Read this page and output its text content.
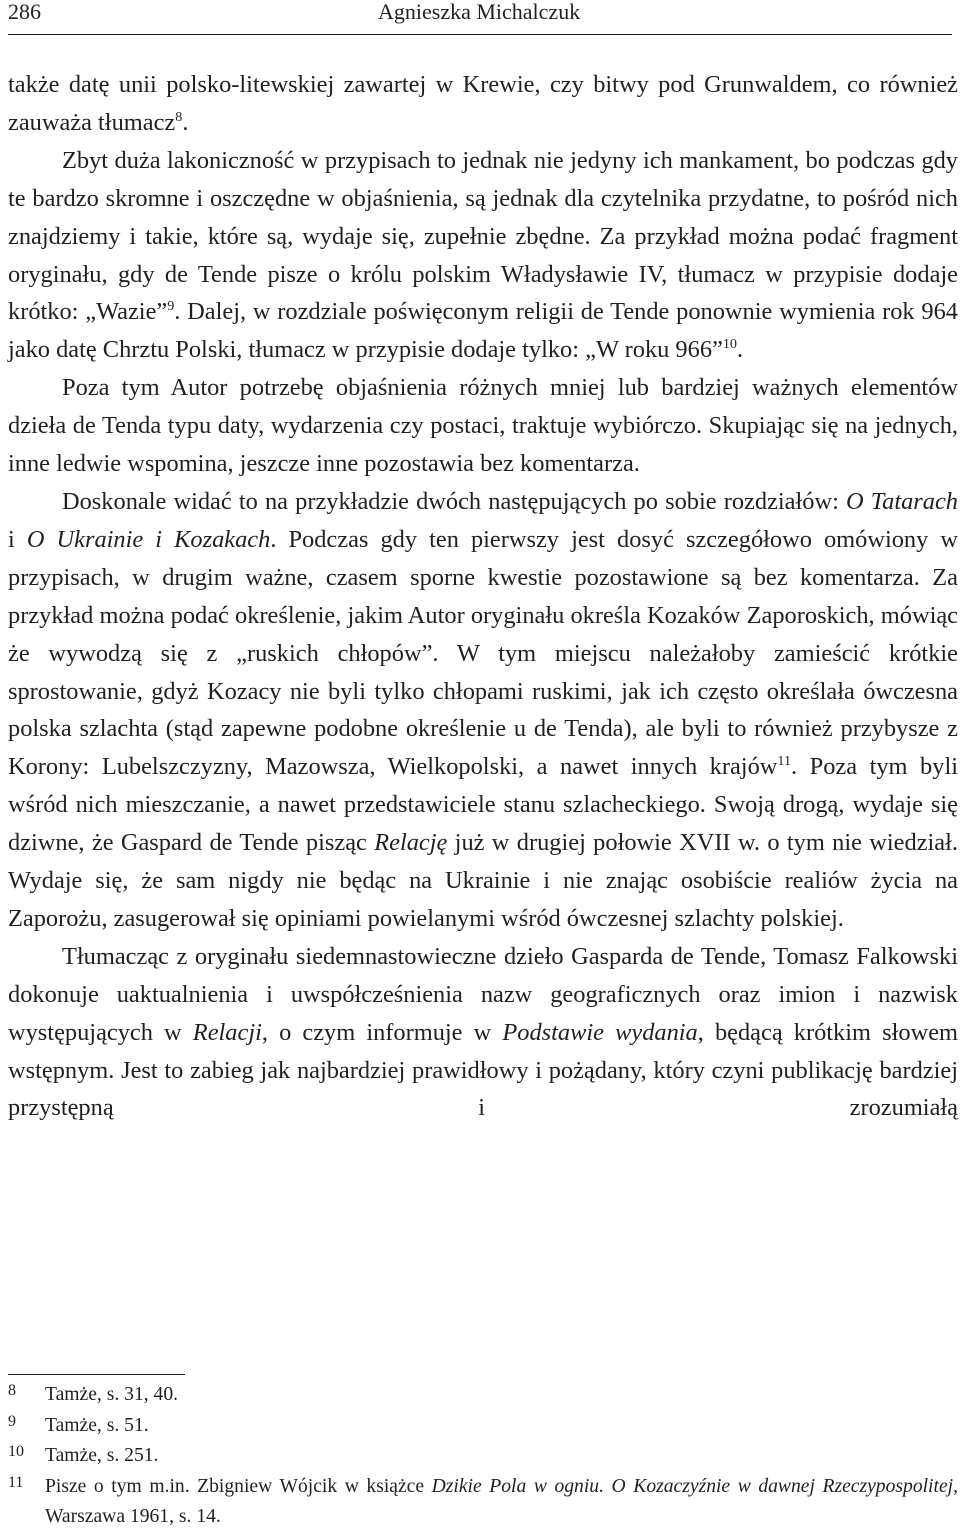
286	Agnieszka Michalczuk

także datę unii polsko-litewskiej zawartej w Krewie, czy bitwy pod Grunwaldem, co również zauważa tłumacz$^8$.

Zbyt duża lakoniczność w przypisach to jednak nie jedyny ich mankament, bo podczas gdy te bardzo skromne i oszczędne w objaśnienia, są jednak dla czytelnika przydatne, to pośród nich znajdziemy i takie, które są, wydaje się, zupełnie zbędne. Za przykład można podać fragment oryginału, gdy de Tende pisze o królu polskim Władysławie IV, tłumacz w przypisie dodaje krótko: „Wazie”$^9$. Dalej, w rozdziale poświęconym religii de Tende ponownie wymienia rok 964 jako datę Chrztu Polski, tłumacz w przypisie dodaje tylko: „W roku 966”$^{10}$.

Poza tym Autor potrzebę objaśnienia różnych mniej lub bardziej ważnych elementów dzieła de Tenda typu daty, wydarzenia czy postaci, traktuje wybiórczo. Skupiając się na jednych, inne ledwie wspomina, jeszcze inne pozostawia bez komentarza.

Doskonale widać to na przykładzie dwóch następujących po sobie rozdziałów: O Tatarach i O Ukrainie i Kozakach. Podczas gdy ten pierwszy jest dosyć szczegółowo omówiony w przypisach, w drugim ważne, czasem sporne kwestie pozostawione są bez komentarza. Za przykład można podać określenie, jakim Autor oryginału określa Kozaków Zaporoskich, mówiąc że wywodzą się z „ruskich chłopów”. W tym miejscu należałoby zamieścić krótkie sprostowanie, gdyż Kozacy nie byli tylko chłopami ruskimi, jak ich często określała ówczesna polska szlachta (stąd zapewne podobne określenie u de Tenda), ale byli to również przybysze z Korony: Lubelszczyzny, Mazowsza, Wielkopolski, a nawet innych krajów$^{11}$. Poza tym byli wśród nich mieszczanie, a nawet przedstawiciele stanu szlacheckiego. Swoją drogą, wydaje się dziwne, że Gaspard de Tende pisząc Relację już w drugiej połowie XVII w. o tym nie wiedział. Wydaje się, że sam nigdy nie będąc na Ukrainie i nie znając osobiście realiów życia na Zaporożu, zasugerował się opiniami powielanymi wśród ówczesnej szlachty polskiej.

Tłumacząc z oryginału siedemnastowieczne dzieło Gasparda de Tende, Tomasz Falkowski dokonuje uaktualnienia i uwspółcześnienia nazw geograficznych oraz imion i nazwisk występujących w Relacji, o czym informuje w Podstawie wydania, będącą krótkim słowem wstępnym. Jest to zabieg jak najbardziej prawidłowy i pożądany, który czyni publikację bardziej przystępną i zrozumiałą

8 Tamże, s. 31, 40.
9 Tamże, s. 51.
10 Tamże, s. 251.
11 Pisze o tym m.in. Zbigniew Wójcik w książce Dzikie Pola w ogniu. O Kozaczyźnie w dawnej Rzeczypospolitej, Warszawa 1961, s. 14.
